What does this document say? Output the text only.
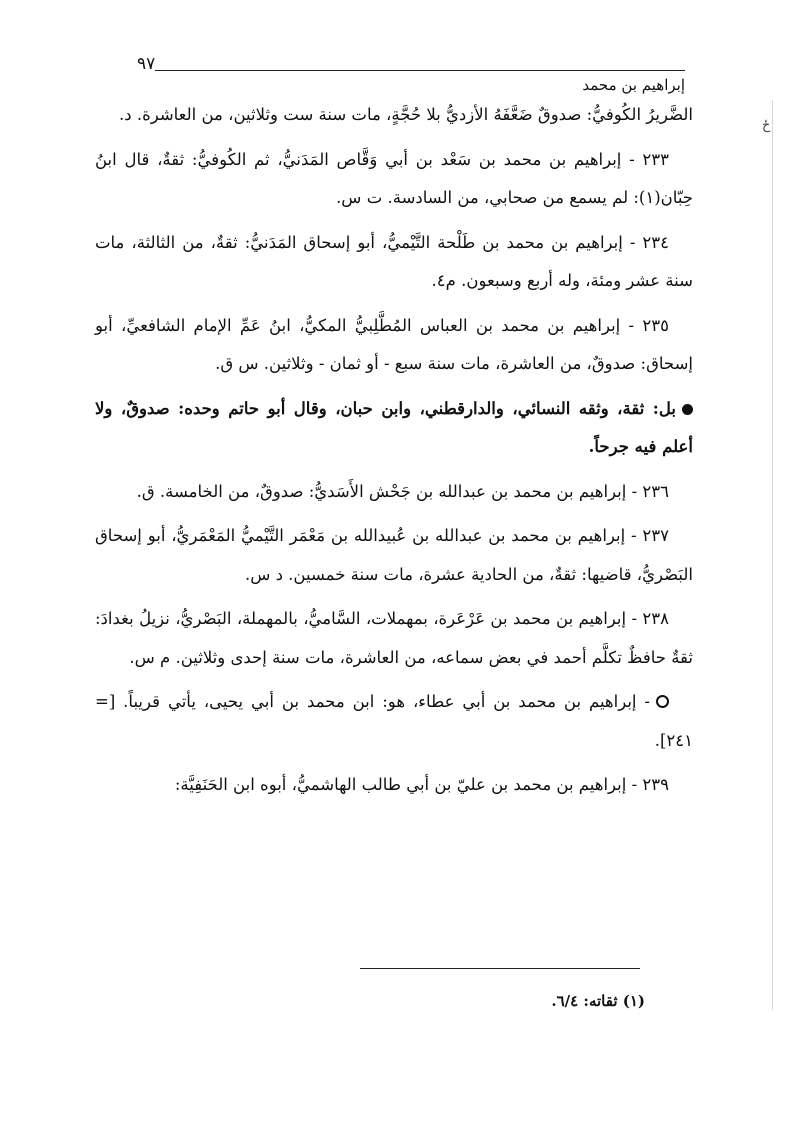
٩٧
إبراهيم بن محمد
ځ

الضَّريرُ الكُوفيُّ: صدوقٌ ضَعَّفَهُ الأزديُّ بلا حُجَّةٍ، مات سنة ست وثلاثين، من العاشرة. د.

٢٣٣ - إبراهيم بن محمد بن سَعْد بن أبي وَقَّاص المَدَنيُّ، ثم الكُوفيُّ: ثقةٌ، قال ابنُ حِبّان(١): لم يسمع من صحابي، من السادسة. ت س.

٢٣٤ - إبراهيم بن محمد بن طَلْحة التَّيْميُّ، أبو إسحاق المَدَنيُّ: ثقةٌ، من الثالثة، مات سنة عشر ومئة، وله أربع وسبعون. م٤.

٢٣٥ - إبراهيم بن محمد بن العباس المُطَّلِبيُّ المكيُّ، ابنُ عَمِّ الإمام الشافعيِّ، أبو إسحاق: صدوقٌ، من العاشرة، مات سنة سبع - أو ثمان - وثلاثين. س ق.

بل: ثقة، وثقه النسائي، والدارقطني، وابن حبان، وقال أبو حاتم وحده: صدوقٌ، ولا أعلم فيه جرحاً.

٢٣٦ - إبراهيم بن محمد بن عبدالله بن جَحْش الأَسَديُّ: صدوقٌ، من الخامسة. ق.

٢٣٧ - إبراهيم بن محمد بن عبدالله بن عُبيدالله بن مَعْمَر التَّيْميُّ المَعْمَريُّ، أبو إسحاق البَصْريُّ، قاضيها: ثقةٌ، من الحادية عشرة، مات سنة خمسين. د س.

٢٣٨ - إبراهيم بن محمد بن عَرْعَرة، بمهملات، السَّاميُّ، بالمهملة، البَصْريُّ، نزيلُ بغدادَ: ثقةٌ حافظٌ تكلَّم أحمد في بعض سماعه، من العاشرة، مات سنة إحدى وثلاثين. م س.

- إبراهيم بن محمد بن أبي عطاء، هو: ابن محمد بن أبي يحيى، يأتي قريباً. [= ٢٤١].

٢٣٩ - إبراهيم بن محمد بن عليّ بن أبي طالب الهاشميُّ، أبوه ابن الحَنَفِيَّة:

(١) ثقاته: ٦/٤.
